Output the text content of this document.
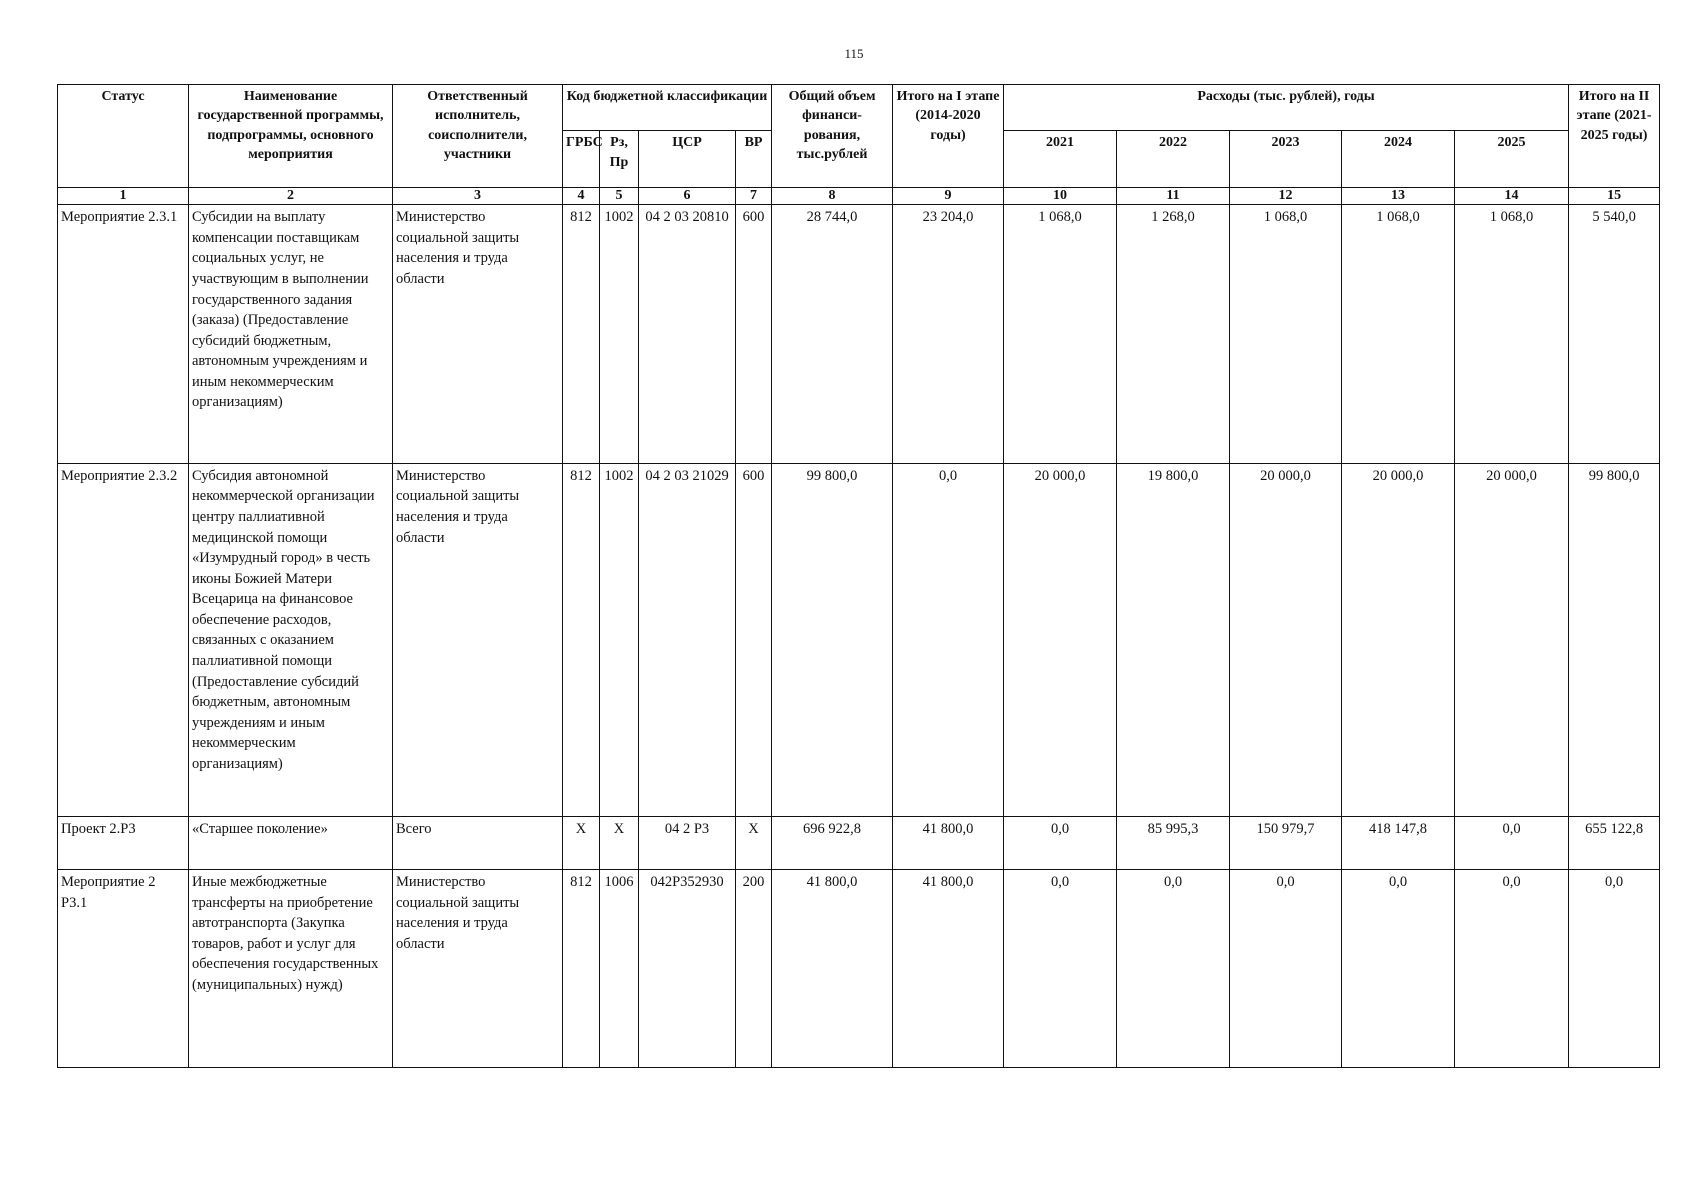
115
Статус	Наименование государственной программы, подпрограммы, основного мероприятия	Ответственный исполнитель, соисполнители, участники	Код бюджетной классификации				Общий объем финанси-рования, тыс.рублей	Итого на I этапе (2014-2020 годы)	Расходы (тыс. рублей), годы					Итого на II этапе (2021-2025 годы)
			ГРБС	Рз, Пр	ЦСР	ВР			2021	2022	2023	2024	2025	
1	2	3	4	5	6	7	8	9	10	11	12	13	14	15
Мероприятие 2.3.1	Субсидии на выплату компенсации поставщикам социальных услуг, не участвующим в выполнении государственного задания (заказа) (Предоставление субсидий бюджетным, автономным учреждениям и иным некоммерческим организациям)	Министерство социальной защиты населения и труда области	812	1002	04 2 03 20810	600	28 744,0	23 204,0	1 068,0	1 268,0	1 068,0	1 068,0	1 068,0	5 540,0
Мероприятие 2.3.2	Субсидия автономной некоммерческой организации центру паллиативной медицинской помощи «Изумрудный город» в честь иконы Божией Матери Всецарица на финансовое обеспечение расходов, связанных с оказанием паллиативной помощи (Предоставление субсидий бюджетным, автономным учреждениям и иным некоммерческим организациям)	Министерство социальной защиты населения и труда области	812	1002	04 2 03 21029	600	99 800,0	0,0	20 000,0	19 800,0	20 000,0	20 000,0	20 000,0	99 800,0
Проект 2.Р3	«Старшее поколение»	Всего	Х	Х	04 2 Р3	Х	696 922,8	41 800,0	0,0	85 995,3	150 979,7	418 147,8	0,0	655 122,8
Мероприятие 2 Р3.1	Иные межбюджетные трансферты на приобретение автотранспорта (Закупка товаров, работ и услуг для обеспечения государственных (муниципальных) нужд)	Министерство социальной защиты населения и труда области	812	1006	042Р352930	200	41 800,0	41 800,0	0,0	0,0	0,0	0,0	0,0	0,0
